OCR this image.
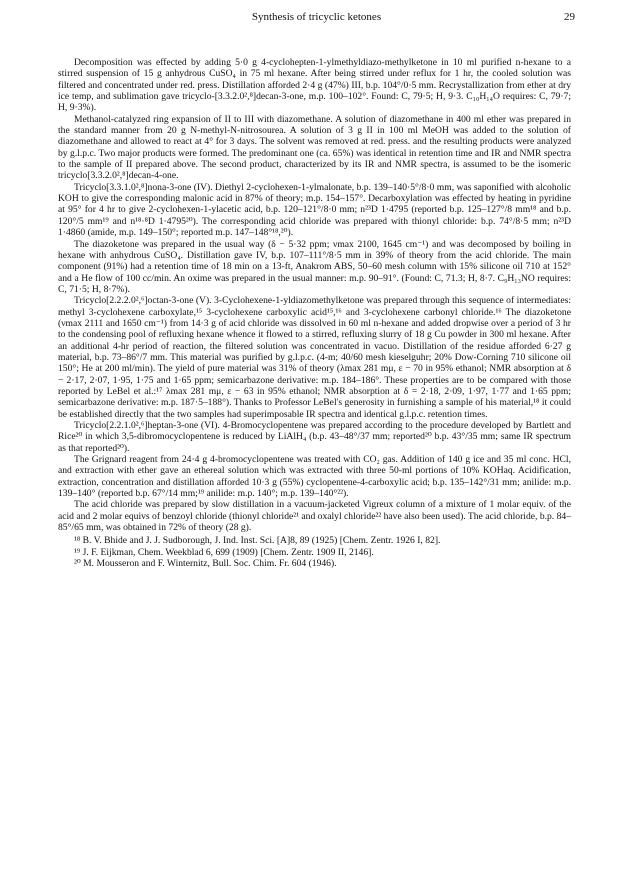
Synthesis of tricyclic ketones	29

Decomposition was effected by adding 5·0 g 4-cyclohepten-1-ylmethyldiazo-methylketone in 10 ml purified n-hexane to a stirred suspension of 15 g anhydrous CuSO₄ in 75 ml hexane. After being stirred under reflux for 1 hr, the cooled solution was filtered and concentrated under red. press. Distillation afforded 2·4 g (47%) III, b.p. 104°/0·5 mm. Recrystallization from ether at dry ice temp, and sublimation gave tricyclo-[3.3.2.0²,⁸]decan-3-one, m.p. 100–102°. Found: C, 79·5; H, 9·3. C₁₀H₁₄O requires: C, 79·7; H, 9·3%).

Methanol-catalyzed ring expansion of II to III with diazomethane. A solution of diazomethane in 400 ml ether was prepared in the standard manner from 20 g N-methyl-N-nitrosourea. A solution of 3 g II in 100 ml MeOH was added to the solution of diazomethane and allowed to react at 4° for 3 days. The solvent was removed at red. press. and the resulting products were analyzed by g.l.p.c. Two major products were formed. The predominant one (ca. 65%) was identical in retention time and IR and NMR spectra to the sample of II prepared above. The second product, characterized by its IR and NMR spectra, is assumed to be the isomeric tricyclo[3.3.2.0²,⁸]decan-4-one.

Tricyclo[3.3.1.0²,⁸]nona-3-one (IV). Diethyl 2-cyclohexen-1-ylmalonate, b.p. 139–140·5°/8·0 mm, was saponified with alcoholic KOH to give the corresponding malonic acid in 87% of theory; m.p. 154–157°. Decarboxylation was effected by heating in pyridine at 95° for 4 hr to give 2-cyclohexen-1-ylacetic acid, b.p. 120–121°/8·0 mm; n²³D 1·4795 (reported b.p. 125–127°/8 mm¹⁸ and b.p. 120°/5 mm¹⁹ and n¹⁸·⁸D 1·4795²⁰). The corresponding acid chloride was prepared with thionyl chloride: b.p. 74°/8·5 mm; n²³D 1·4860 (amide, m.p. 149–150°; reported m.p. 147–148°¹⁸,²⁰).

The diazoketone was prepared in the usual way (δ − 5·32 ppm; νmax 2100, 1645 cm⁻¹) and was decomposed by boiling in hexane with anhydrous CuSO₄. Distillation gave IV, b.p. 107–111°/8·5 mm in 39% of theory from the acid chloride. The main component (91%) had a retention time of 18 min on a 13-ft, Anakrom ABS, 50–60 mesh column with 15% silicone oil 710 at 152° and a He flow of 100 cc/min. An oxime was prepared in the usual manner: m.p. 90–91°. (Found: C, 71.3; H, 8·7. C₉H₁₃NO requires: C, 71·5; H, 8·7%).

Tricyclo[2.2.2.0²,⁶]octan-3-one (V). 3-Cyclohexene-1-yldiazomethylketone was prepared through this sequence of intermediates: methyl 3-cyclohexene carboxylate,¹⁵ 3-cyclohexene carboxylic acid¹⁵,¹⁶ and 3-cyclohexene carbonyl chloride.¹⁶ The diazoketone (νmax 2111 and 1650 cm⁻¹) from 14·3 g of acid chloride was dissolved in 60 ml n-hexane and added dropwise over a period of 3 hr to the condensing pool of refluxing hexane whence it flowed to a stirred, refluxing slurry of 18 g Cu powder in 300 ml hexane. After an additional 4-hr period of reaction, the filtered solution was concentrated in vacuo. Distillation of the residue afforded 6·27 g material, b.p. 73–86°/7 mm. This material was purified by g.l.p.c. (4-m; 40/60 mesh kieselguhr; 20% Dow-Corning 710 silicone oil 150°; He at 200 ml/min). The yield of pure material was 31% of theory (λmax 281 mμ, ε − 70 in 95% ethanol; NMR absorption at δ − 2·17, 2·07, 1·95, 1·75 and 1·65 ppm; semicarbazone derivative: m.p. 184–186°. These properties are to be compared with those reported by LeBel et al.:¹⁷ λmax 281 mμ, ε − 63 in 95% ethanol; NMR absorption at δ = 2·18, 2·09, 1·97, 1·77 and 1·65 ppm; semicarbazone derivative: m.p. 187·5–188°). Thanks to Professor LeBel's generosity in furnishing a sample of his material,¹⁸ it could be established directly that the two samples had superimposable IR spectra and identical g.l.p.c. retention times.

Tricyclo[2.2.1.0²,⁶]heptan-3-one (VI). 4-Bromocyclopentene was prepared according to the procedure developed by Bartlett and Rice²⁰ in which 3,5-dibromocyclopentene is reduced by LiAlH₄ (b.p. 43–48°/37 mm; reported²⁰ b.p. 43°/35 mm; same IR spectrum as that reported²⁰).

The Grignard reagent from 24·4 g 4-bromocyclopentene was treated with CO₂ gas. Addition of 140 g ice and 35 ml conc. HCl, and extraction with ether gave an ethereal solution which was extracted with three 50-ml portions of 10% KOHaq. Acidification, extraction, concentration and distillation afforded 10·3 g (55%) cyclopentene-4-carboxylic acid; b.p. 135–142°/31 mm; anilide: m.p. 139–140° (reported b.p. 67°/14 mm;¹⁹ anilide: m.p. 140°; m.p. 139–140°²²).

The acid chloride was prepared by slow distillation in a vacuum-jacketed Vigreux column of a mixture of 1 molar equiv. of the acid and 2 molar equivs of benzoyl chloride (thionyl chloride²¹ and oxalyl chloride²² have also been used). The acid chloride, b.p. 84–85°/65 mm, was obtained in 72% of theory (28 g).

¹⁸ B. V. Bhide and J. J. Sudborough, J. Ind. Inst. Sci. [A]8, 89 (1925) [Chem. Zentr. 1926 I, 82].

¹⁹ J. F. Eijkman, Chem. Weekblad 6, 699 (1909) [Chem. Zentr. 1909 II, 2146].

²⁰ M. Mousseron and F. Winternitz, Bull. Soc. Chim. Fr. 604 (1946).
